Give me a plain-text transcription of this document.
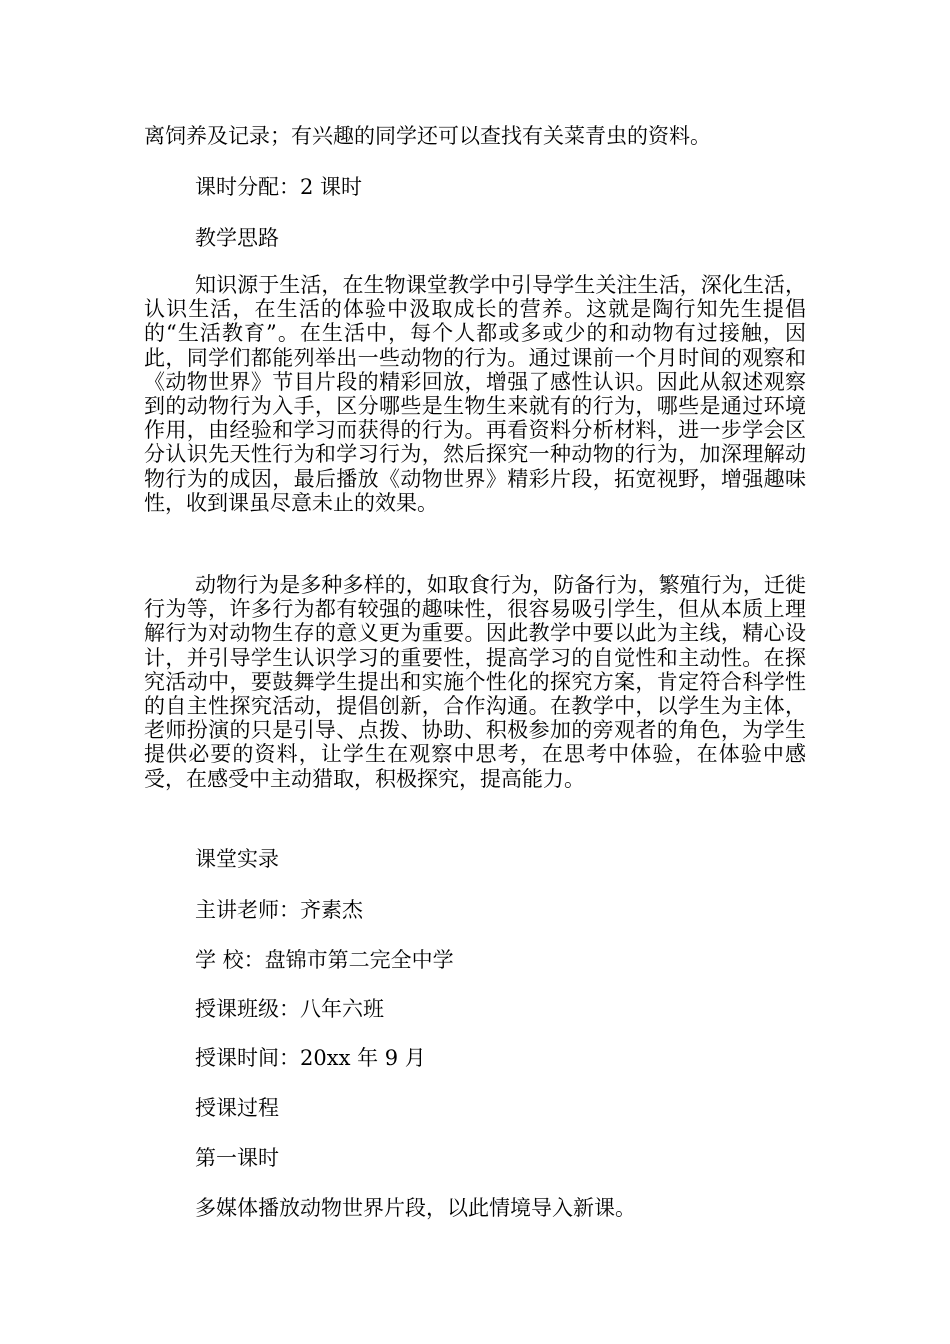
离饲养及记录；有兴趣的同学还可以查找有关菜青虫的资料。

课时分配：2 课时

教学思路

知识源于生活，在生物课堂教学中引导学生关注生活，深化生活，认识生活，在生活的体验中汲取成长的营养。这就是陶行知先生提倡的“生活教育”。在生活中，每个人都或多或少的和动物有过接触，因此，同学们都能列举出一些动物的行为。通过课前一个月时间的观察和《动物世界》节目片段的精彩回放，增强了感性认识。因此从叙述观察到的动物行为入手，区分哪些是生物生来就有的行为，哪些是通过环境作用，由经验和学习而获得的行为。再看资料分析材料，进一步学会区分认识先天性行为和学习行为，然后探究一种动物的行为，加深理解动物行为的成因，最后播放《动物世界》精彩片段，拓宽视野，增强趣味性，收到课虽尽意未止的效果。

动物行为是多种多样的，如取食行为，防备行为，繁殖行为，迁徙行为等，许多行为都有较强的趣味性，很容易吸引学生，但从本质上理解行为对动物生存的意义更为重要。因此教学中要以此为主线，精心设计，并引导学生认识学习的重要性，提高学习的自觉性和主动性。在探究活动中，要鼓舞学生提出和实施个性化的探究方案，肯定符合科学性的自主性探究活动，提倡创新，合作沟通。在教学中，以学生为主体，老师扮演的只是引导、点拨、协助、积极参加的旁观者的角色，为学生提供必要的资料，让学生在观察中思考，在思考中体验，在体验中感受，在感受中主动猎取，积极探究，提高能力。

课堂实录

主讲老师：齐素杰

学 校：盘锦市第二完全中学

授课班级：八年六班

授课时间：20xx 年 9 月

授课过程

第一课时

多媒体播放动物世界片段，以此情境导入新课。
